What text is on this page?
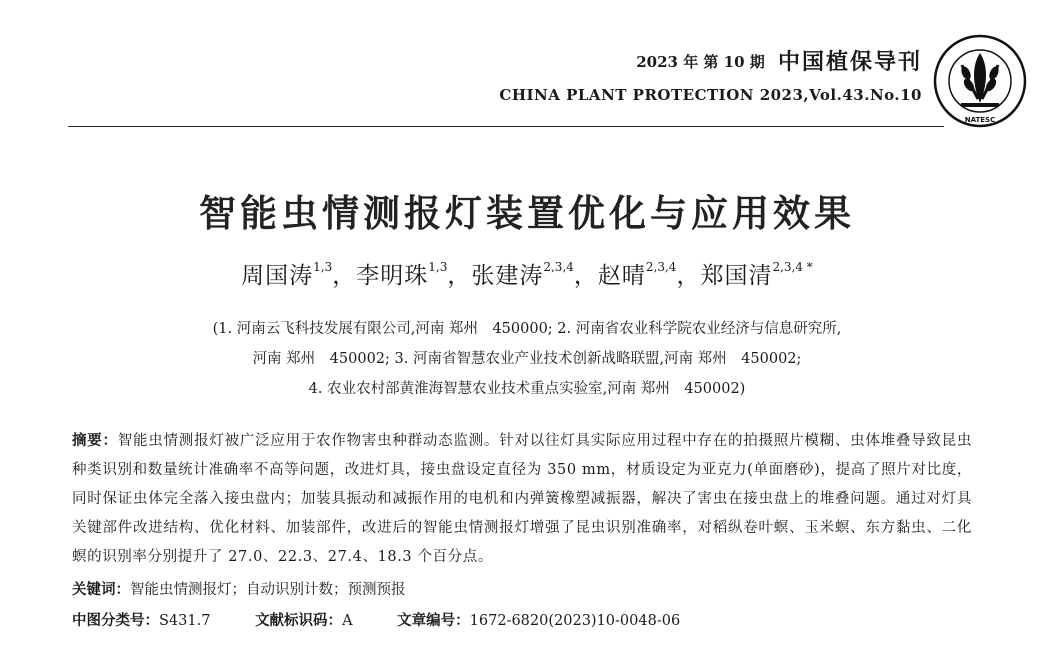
2023 年 第 10 期 中国植保导刊
CHINA PLANT PROTECTION 2023,Vol.43.No.10
NATESC
智能虫情测报灯装置优化与应用效果
周国涛$^{1,3}$，李明珠$^{1,3}$，张建涛$^{2,3,4}$，赵晴$^{2,3,4}$，郑国清$^{2,3,4 *}$
(1. 河南云飞科技发展有限公司,河南 郑州　450000; 2. 河南省农业科学院农业经济与信息研究所,
河南 郑州　450002; 3. 河南省智慧农业产业技术创新战略联盟,河南 郑州　450002;
4. 农业农村部黄淮海智慧农业技术重点实验室,河南 郑州　450002)
摘要：智能虫情测报灯被广泛应用于农作物害虫种群动态监测。针对以往灯具实际应用过程中存在的拍摄照片模糊、虫体堆叠导致昆虫种类识别和数量统计准确率不高等问题，改进灯具，接虫盘设定直径为 350 mm，材质设定为亚克力(单面磨砂)，提高了照片对比度，同时保证虫体完全落入接虫盘内；加装具振动和减振作用的电机和内弹簧橡塑减振器，解决了害虫在接虫盘上的堆叠问题。通过对灯具关键部件改进结构、优化材料、加装部件，改进后的智能虫情测报灯增强了昆虫识别准确率，对稻纵卷叶螟、玉米螟、东方黏虫、二化螟的识别率分别提升了 27.0、22.3、27.4、18.3 个百分点。
关键词：智能虫情测报灯；自动识别计数；预测预报
中图分类号：S431.7	文献标识码：A	文章编号：1672-6820(2023)10-0048-06
